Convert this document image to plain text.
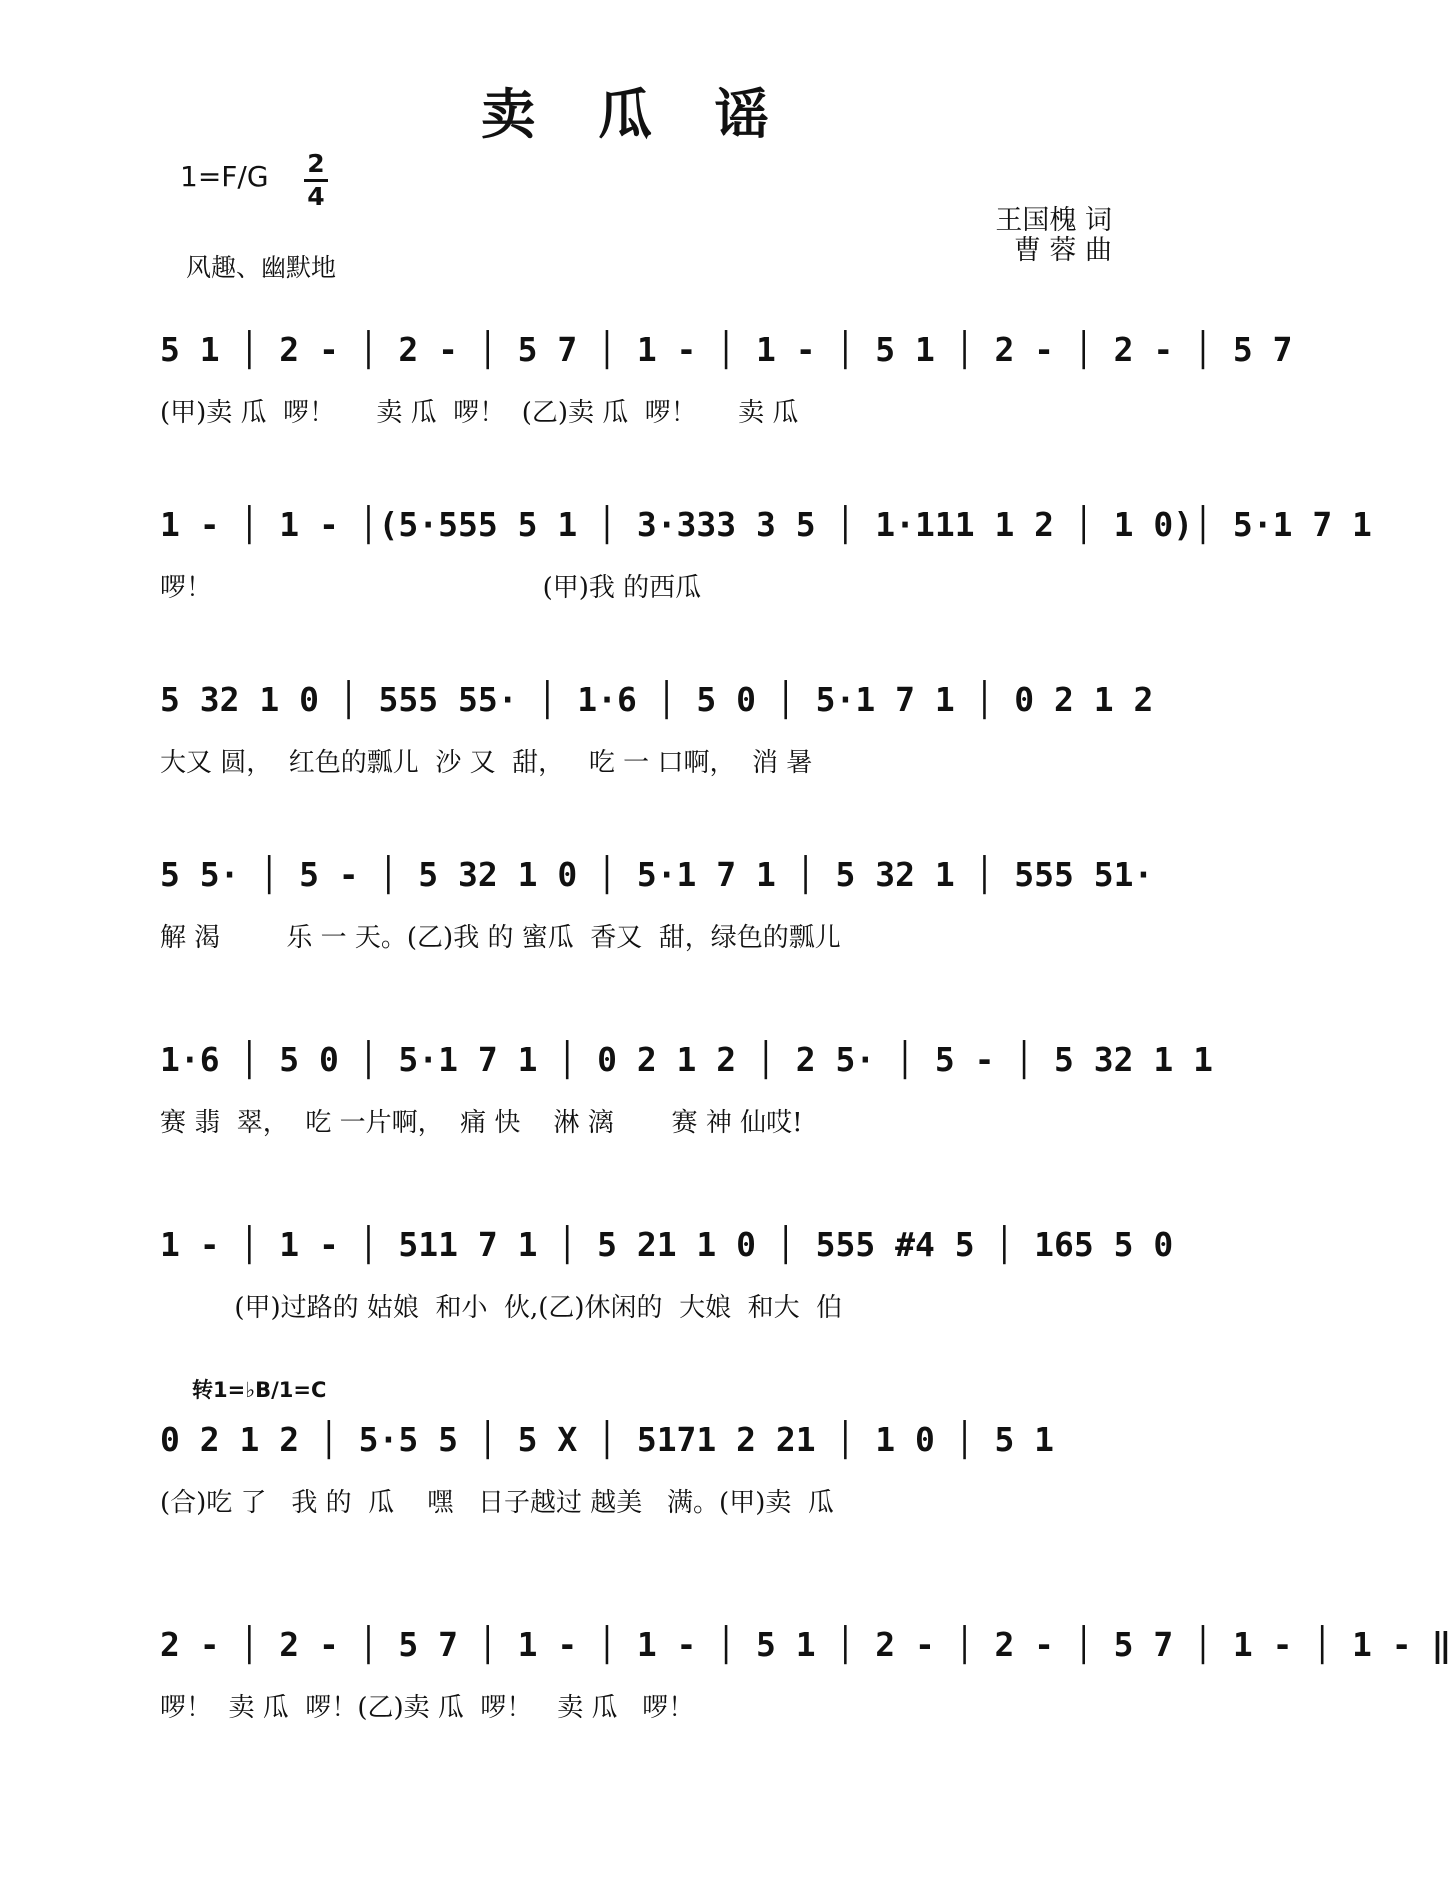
卖 瓜 谣
1=F/G 2
4
王国槐 词
曹 蓉 曲
风趣、幽默地
转1=♭B/1=C
5 1 │ 2 - │ 2 - │ 5 7 │ 1 - │ 1 - │ 5 1 │ 2 - │ 2 - │ 5 7
(甲)卖 瓜  啰！     卖 瓜  啰！  (乙)卖 瓜  啰！     卖 瓜
1 - │ 1 - │(5·555 5 1 │ 3·333 3 5 │ 1·111 1 2 │ 1 0)│ 5·1 7 1
啰！                                        (甲)我 的西瓜
5 32 1 0 │ 555 55· │ 1·6 │ 5 0 │ 5·1 7 1 │ 0 2 1 2
大又 圆，  红色的瓢儿  沙 又  甜，   吃 一 口啊，  消 暑
5 5· │ 5 - │ 5 32 1 0 │ 5·1 7 1 │ 5 32 1 │ 555 51·
解 渴        乐 一 天。(乙)我 的 蜜瓜  香又  甜，绿色的瓢儿
1·6 │ 5 0 │ 5·1 7 1 │ 0 2 1 2 │ 2 5· │ 5 - │ 5 32 1 1
赛 翡  翠，  吃 一片啊，  痛 快    淋 漓       赛 神 仙哎!
1 - │ 1 - │ 511 7 1 │ 5 21 1 0 │ 555 #4 5 │ 165 5 0
(甲)过路的 姑娘  和小  伙,(乙)休闲的  大娘  和大  伯
0 2 1 2 │ 5·5 5 │ 5 X │ 5171 2 21 │ 1 0 │ 5 1
(合)吃 了   我 的  瓜    嘿   日子越过 越美   满。(甲)卖  瓜
2 - │ 2 - │ 5 7 │ 1 - │ 1 - │ 5 1 │ 2 - │ 2 - │ 5 7 │ 1 - │ 1 - ‖
啰！  卖 瓜  啰！(乙)卖 瓜  啰！   卖 瓜   啰！
